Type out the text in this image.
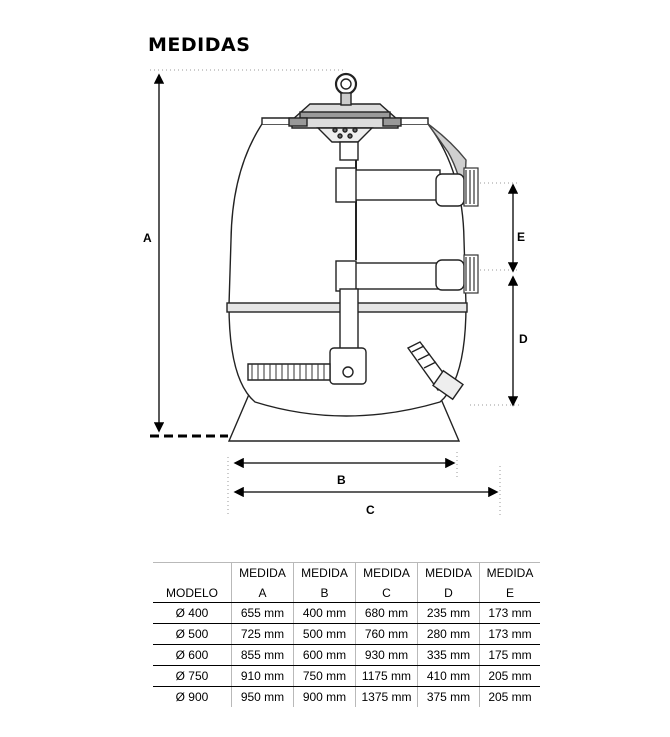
MEDIDAS
A
B
C
E
D
	MEDIDA	MEDIDA	MEDIDA	MEDIDA	MEDIDA
MODELO	A	B	C	D	E
Ø 400	655 mm	400 mm	680 mm	235 mm	173 mm
Ø 500	725 mm	500 mm	760 mm	280 mm	173 mm
Ø 600	855 mm	600 mm	930 mm	335 mm	175 mm
Ø 750	910 mm	750 mm	1175 mm	410 mm	205 mm
Ø 900	950 mm	900 mm	1375 mm	375 mm	205 mm
